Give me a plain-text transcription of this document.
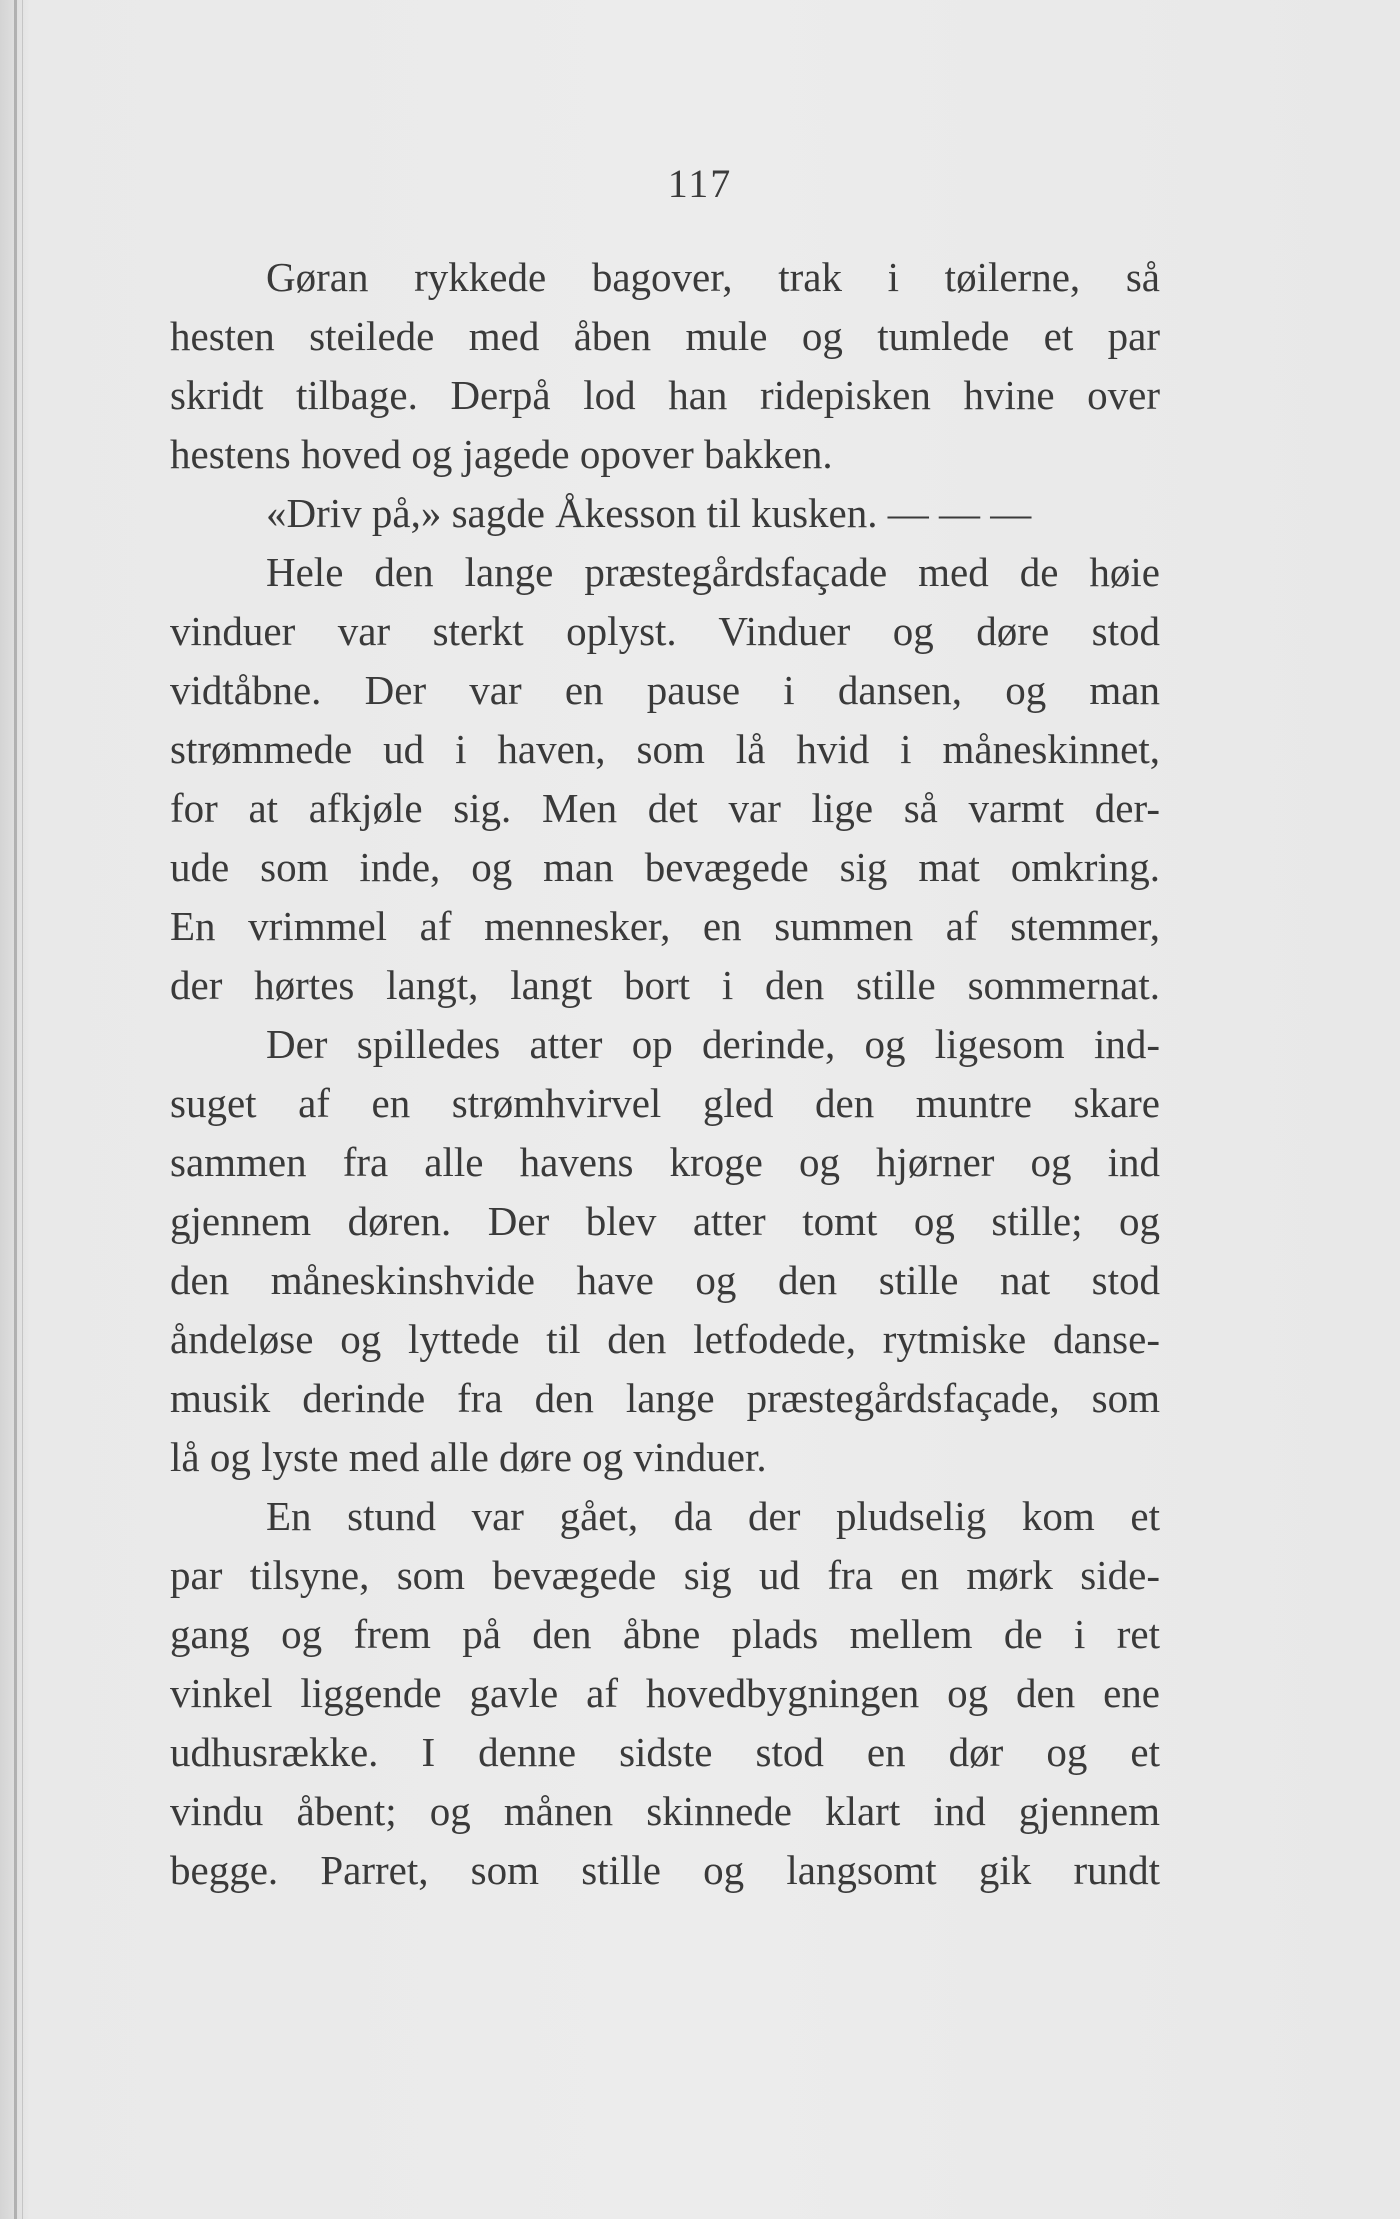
117
Gøran rykkede bagover, trak i tøilerne, så
hesten steilede med åben mule og tumlede et par
skridt tilbage. Derpå lod han ridepisken hvine over
hestens hoved og jagede opover bakken.
«Driv på,» sagde Åkesson til kusken. — — —
Hele den lange præstegårdsfaçade med de høie
vinduer var sterkt oplyst. Vinduer og døre stod
vidtåbne. Der var en pause i dansen, og man
strømmede ud i haven, som lå hvid i måneskinnet,
for at afkjøle sig. Men det var lige så varmt der-
ude som inde, og man bevægede sig mat omkring.
En vrimmel af mennesker, en summen af stemmer,
der hørtes langt, langt bort i den stille sommernat.
Der spilledes atter op derinde, og ligesom ind-
suget af en strømhvirvel gled den muntre skare
sammen fra alle havens kroge og hjørner og ind
gjennem døren. Der blev atter tomt og stille; og
den måneskinshvide have og den stille nat stod
åndeløse og lyttede til den letfodede, rytmiske danse-
musik derinde fra den lange præstegårdsfaçade, som
lå og lyste med alle døre og vinduer.
En stund var gået, da der pludselig kom et
par tilsyne, som bevægede sig ud fra en mørk side-
gang og frem på den åbne plads mellem de i ret
vinkel liggende gavle af hovedbygningen og den ene
udhusrække. I denne sidste stod en dør og et
vindu åbent; og månen skinnede klart ind gjennem
begge. Parret, som stille og langsomt gik rundt
